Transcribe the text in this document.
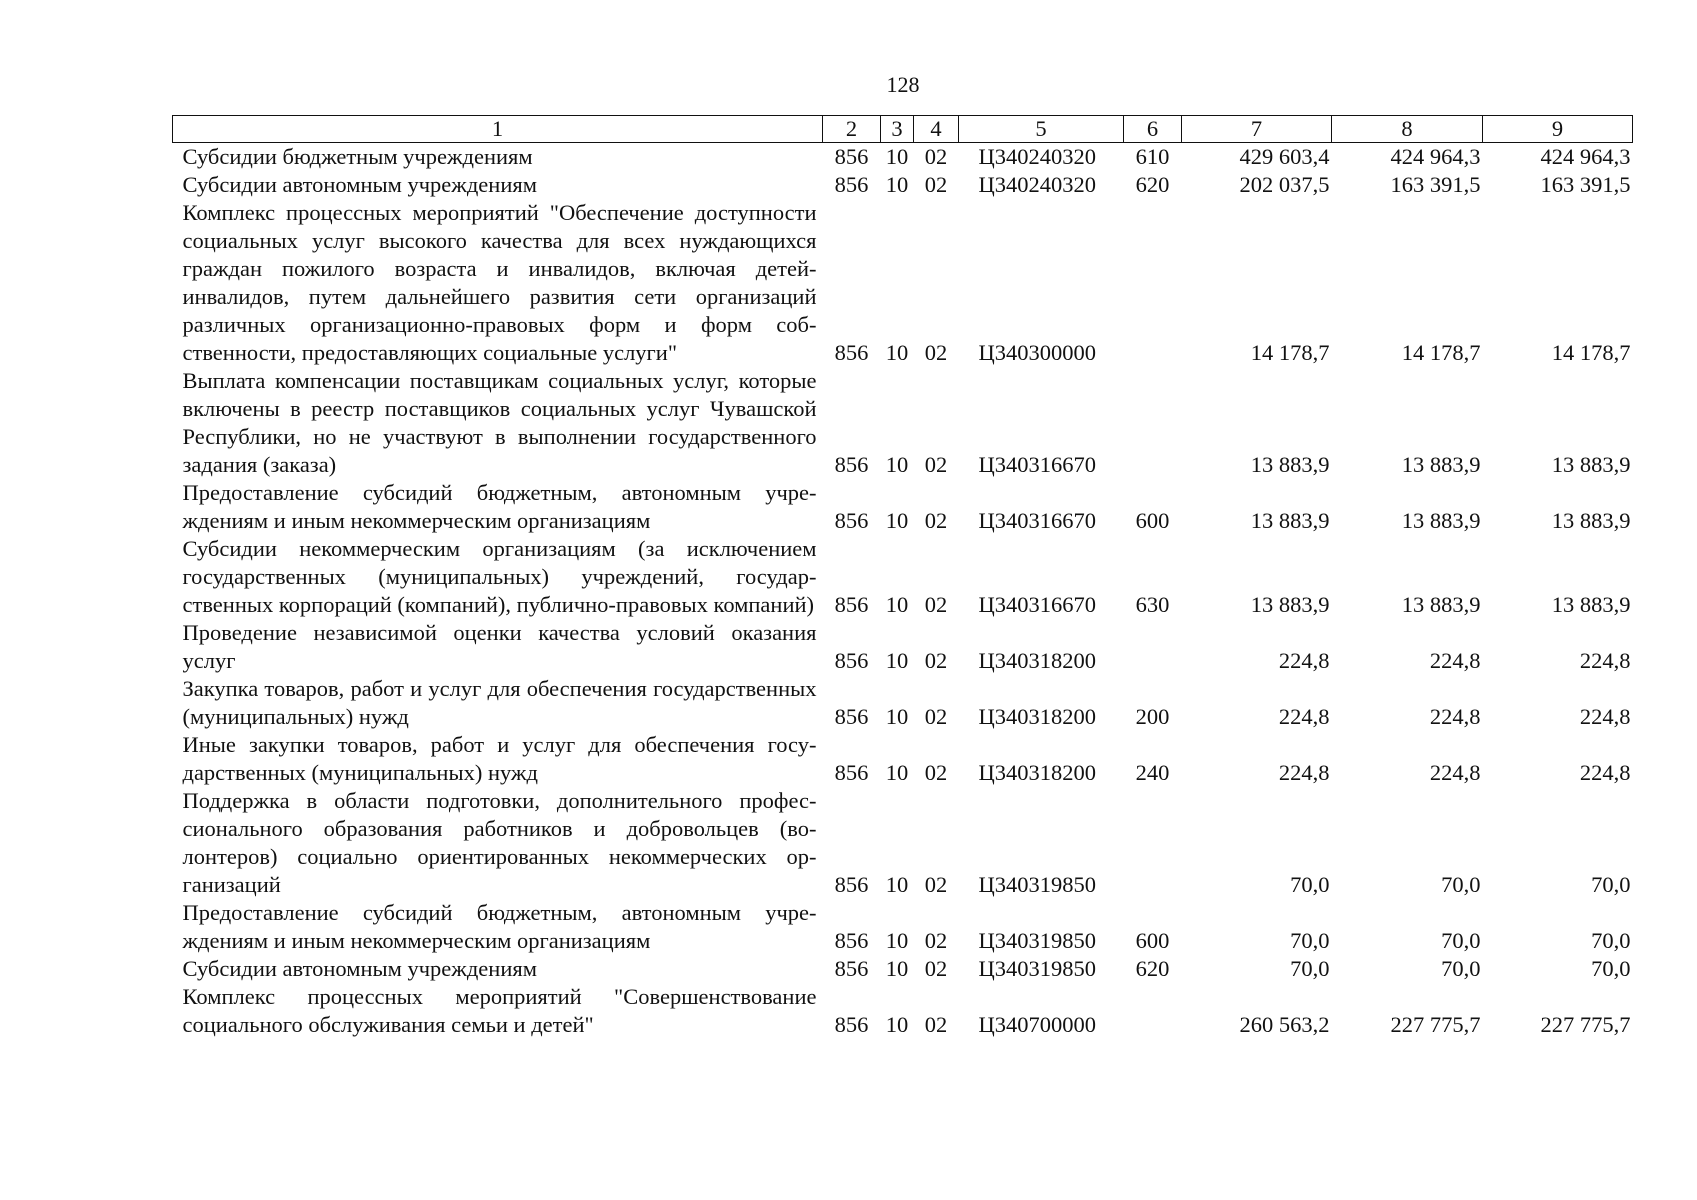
128
1	2	3	4	5	6	7	8	9
Субсидии бюджетным учреждениям	856	10	02	Ц340240320	610	429 603,4	424 964,3	424 964,3
Субсидии автономным учреждениям	856	10	02	Ц340240320	620	202 037,5	163 391,5	163 391,5
Комплекс процессных мероприятий "Обеспечение доступности социальных услуг высокого качества для всех нуждающихся граждан пожилого возраста и инвалидов, включая детей-инвалидов, путем дальнейшего развития сети организаций различных организационно-правовых форм и форм собственности, предоставляющих социальные услуги"	856	10	02	Ц340300000		14 178,7	14 178,7	14 178,7
Выплата компенсации поставщикам социальных услуг, которые включены в реестр поставщиков социальных услуг Чувашской Республики, но не участвуют в выполнении государственного задания (заказа)	856	10	02	Ц340316670		13 883,9	13 883,9	13 883,9
Предоставление субсидий бюджетным, автономным учреждениям и иным некоммерческим организациям	856	10	02	Ц340316670	600	13 883,9	13 883,9	13 883,9
Субсидии некоммерческим организациям (за исключением государственных (муниципальных) учреждений, государственных корпораций (компаний), публично-правовых компаний)	856	10	02	Ц340316670	630	13 883,9	13 883,9	13 883,9
Проведение независимой оценки качества условий оказания услуг	856	10	02	Ц340318200		224,8	224,8	224,8
Закупка товаров, работ и услуг для обеспечения государственных (муниципальных) нужд	856	10	02	Ц340318200	200	224,8	224,8	224,8
Иные закупки товаров, работ и услуг для обеспечения государственных (муниципальных) нужд	856	10	02	Ц340318200	240	224,8	224,8	224,8
Поддержка в области подготовки, дополнительного профессионального образования работников и добровольцев (волонтеров) социально ориентированных некоммерческих организаций	856	10	02	Ц340319850		70,0	70,0	70,0
Предоставление субсидий бюджетным, автономным учреждениям и иным некоммерческим организациям	856	10	02	Ц340319850	600	70,0	70,0	70,0
Субсидии автономным учреждениям	856	10	02	Ц340319850	620	70,0	70,0	70,0
Комплекс процессных мероприятий "Совершенствование социального обслуживания семьи и детей"	856	10	02	Ц340700000		260 563,2	227 775,7	227 775,7
